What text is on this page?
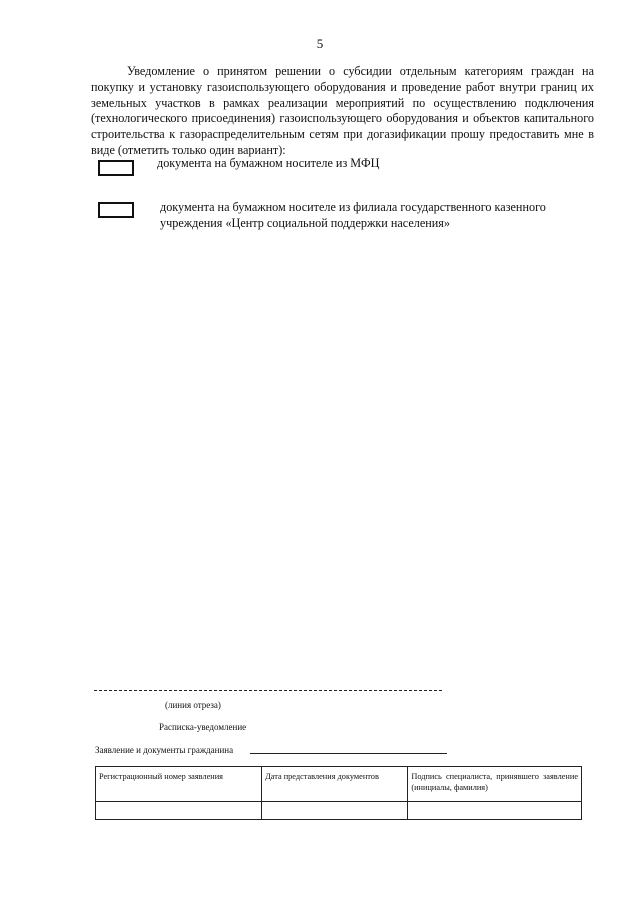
5

Уведомление о принятом решении о субсидии отдельным категориям граждан на покупку и установку газоиспользующего оборудования и проведение работ внутри границ их земельных участков в рамках реализации мероприятий по осуществлению подключения (технологического присоединения) газоиспользующего оборудования и объектов капитального строительства к газораспределительным сетям при догазификации прошу предоставить мне в виде (отметить только один вариант):

документа на бумажном носителе из МФЦ

документа на бумажном носителе из филиала государственного казенного учреждения «Центр социальной поддержки населения»

(линия отреза)
Расписка-уведомление
Заявление и документы гражданина
Регистрационный номер заявления	Дата представления документов	Подпись специалиста, принявшего заявление (инициалы, фамилия)
